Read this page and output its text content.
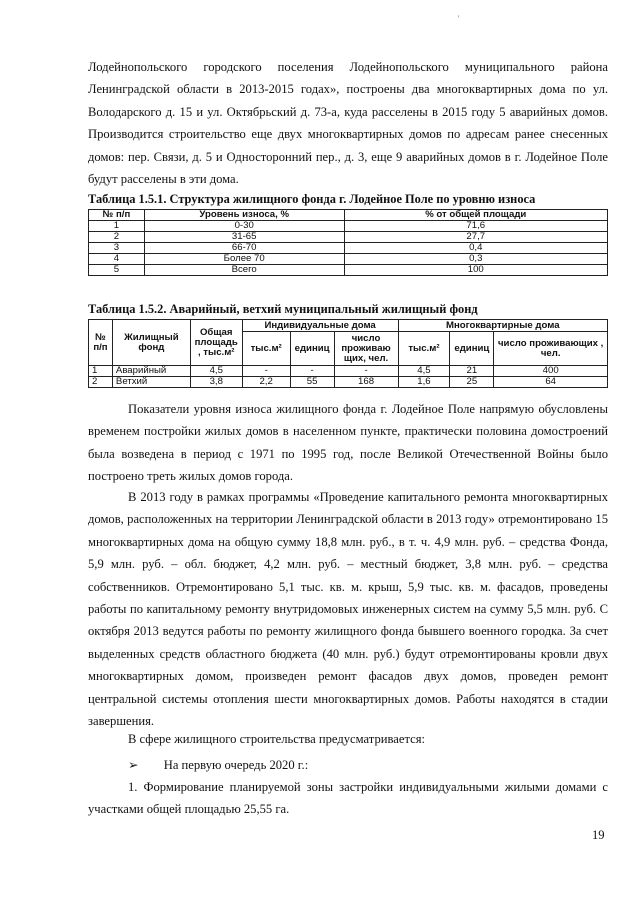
'

Лодейнопольского городского поселения Лодейнопольского муниципального района Ленинградской области в 2013-2015 годах», построены два многоквартирных дома по ул. Володарского д. 15 и ул. Октябрьский д. 73-а, куда расселены в 2015 году 5 аварийных домов. Производится строительство еще двух многоквартирных домов по адресам ранее снесенных домов: пер. Связи, д. 5 и Односторонний пер., д. 3, еще 9 аварийных домов в г. Лодейное Поле будут расселены в эти дома.

Таблица 1.5.1. Структура жилищного фонда г. Лодейное Поле по уровню износа
№ п/п	Уровень износа, %	% от общей площади
1	0-30	71,6
2	31-65	27,7
3	66-70	0,4
4	Более 70	0,3
5	Всего	100
Таблица 1.5.2. Аварийный, ветхий муниципальный жилищный фонд
№ п/п	Жилищный фонд	Общая площадь , тыс.м²	Индивидуальные дома			Многоквартирные дома		
			тыс.м²	единиц	число проживаю щих, чел.	тыс.м²	единиц	число проживающих , чел.
1	Аварийный	4,5	-	-	-	4,5	21	400
2	Ветхий	3,8	2,2	55	168	1,6	25	64

Показатели уровня износа жилищного фонда г. Лодейное Поле напрямую обусловлены временем постройки жилых домов в населенном пункте, практически половина домостроений была возведена в период с 1971 по 1995 год, после Великой Отечественной Войны было построено треть жилых домов города.

В 2013 году в рамках программы «Проведение капитального ремонта многоквартирных домов, расположенных на территории Ленинградской области в 2013 году» отремонтировано 15 многоквартирных дома на общую сумму 18,8 млн. руб., в т. ч. 4,9 млн. руб. – средства Фонда, 5,9 млн. руб. – обл. бюджет, 4,2 млн. руб. – местный бюджет, 3,8 млн. руб. – средства собственников. Отремонтировано 5,1 тыс. кв. м. крыш, 5,9 тыс. кв. м. фасадов, проведены работы по капитальному ремонту внутридомовых инженерных систем на сумму 5,5 млн. руб. С октября 2013 ведутся работы по ремонту жилищного фонда бывшего военного городка. За счет выделенных средств областного бюджета (40 млн. руб.) будут отремонтированы кровли двух многоквартирных домом, произведен ремонт фасадов двух домов, проведен ремонт центральной системы отопления шести многоквартирных домов. Работы находятся в стадии завершения.

В сфере жилищного строительства предусматривается:

➢ На первую очередь 2020 г.:

1. Формирование планируемой зоны застройки индивидуальными жилыми домами с участками общей площадью 25,55 га.

19
